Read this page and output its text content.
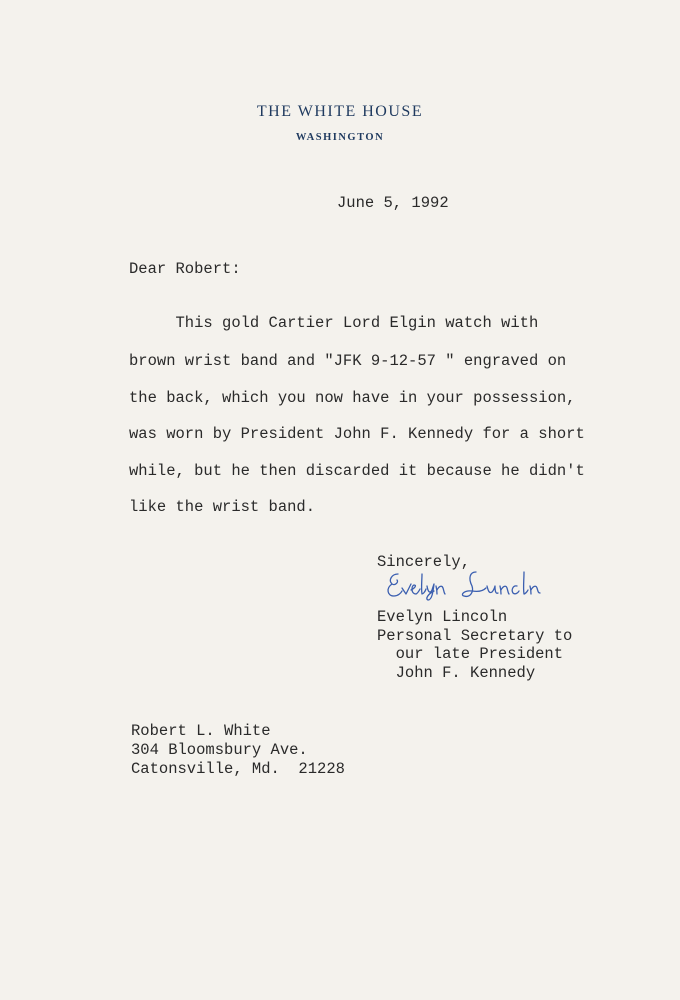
THE WHITE HOUSE
WASHINGTON
June 5, 1992
Dear Robert:
This gold Cartier Lord Elgin watch with
brown wrist band and "JFK 9-12-57 " engraved on
the back, which you now have in your possession,
was worn by President John F. Kennedy for a short
while, but he then discarded it because he didn't
like the wrist band.
Sincerely,
Evelyn Lincoln
Personal Secretary to
our late President
John F. Kennedy
Robert L. White
304 Bloomsbury Ave.
Catonsville, Md.  21228
